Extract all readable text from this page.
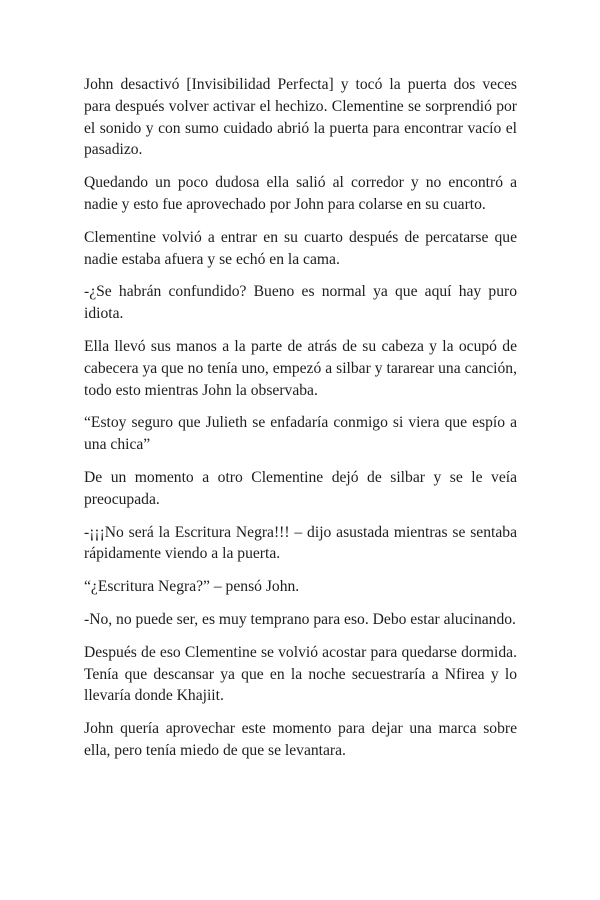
John desactivó [Invisibilidad Perfecta] y tocó la puerta dos veces para después volver activar el hechizo. Clementine se sorprendió por el sonido y con sumo cuidado abrió la puerta para encontrar vacío el pasadizo.

Quedando un poco dudosa ella salió al corredor y no encontró a nadie y esto fue aprovechado por John para colarse en su cuarto.

Clementine volvió a entrar en su cuarto después de percatarse que nadie estaba afuera y se echó en la cama.

-¿Se habrán confundido? Bueno es normal ya que aquí hay puro idiota.

Ella llevó sus manos a la parte de atrás de su cabeza y la ocupó de cabecera ya que no tenía uno, empezó a silbar y tararear una canción, todo esto mientras John la observaba.

“Estoy seguro que Julieth se enfadaría conmigo si viera que espío a una chica”

De un momento a otro Clementine dejó de silbar y se le veía preocupada.

-¡¡¡No será la Escritura Negra!!! – dijo asustada mientras se sentaba rápidamente viendo a la puerta.

“¿Escritura Negra?” – pensó John.

-No, no puede ser, es muy temprano para eso. Debo estar alucinando.

Después de eso Clementine se volvió acostar para quedarse dormida. Tenía que descansar ya que en la noche secuestraría a Nfirea y lo llevaría donde Khajiit.

John quería aprovechar este momento para dejar una marca sobre ella, pero tenía miedo de que se levantara.
